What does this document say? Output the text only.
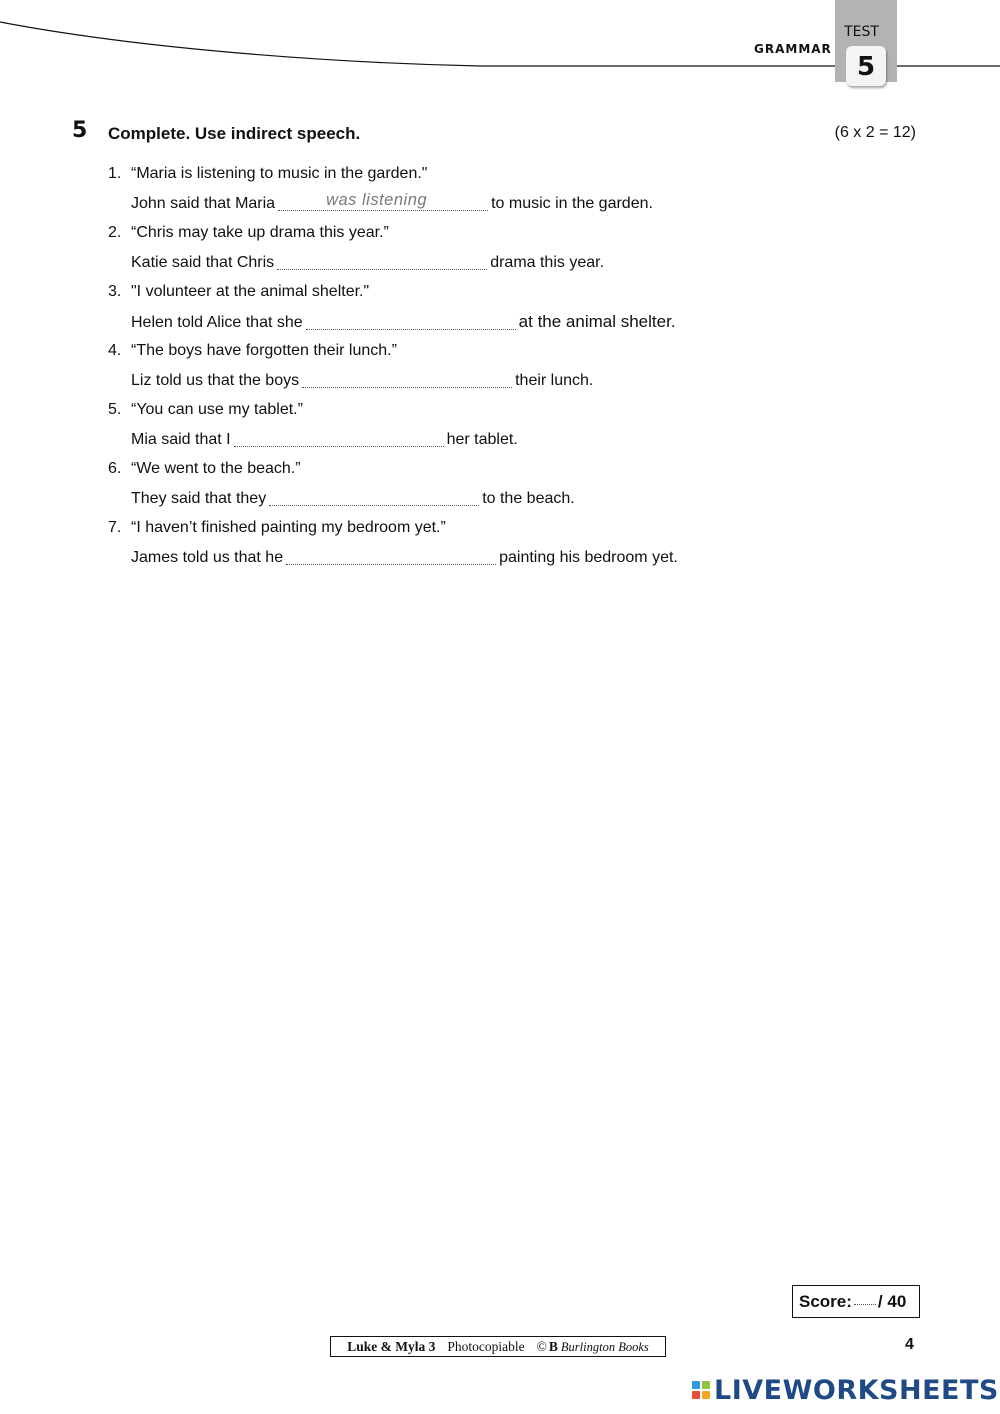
GRAMMAR
TEST
5
5 Complete. Use indirect speech.	(6 x 2 = 12)
1. “Maria is listening to music in the garden."
John said that Maria	was listening	to music in the garden.
2. “Chris may take up drama this year.”
Katie said that Chris	drama this year.
3. "I volunteer at the animal shelter."
Helen told Alice that she	at the animal shelter.
4. “The boys have forgotten their lunch.”
Liz told us that the boys	their lunch.
5. “You can use my tablet.”
Mia said that I	her tablet.
6. “We went to the beach.”
They said that they	to the beach.
7. “I haven’t finished painting my bedroom yet.”
James told us that he	painting his bedroom yet.
Score: / 40
Luke & Myla 3 Photocopiable © B Burlington Books	4
LIVEWORKSHEETS
